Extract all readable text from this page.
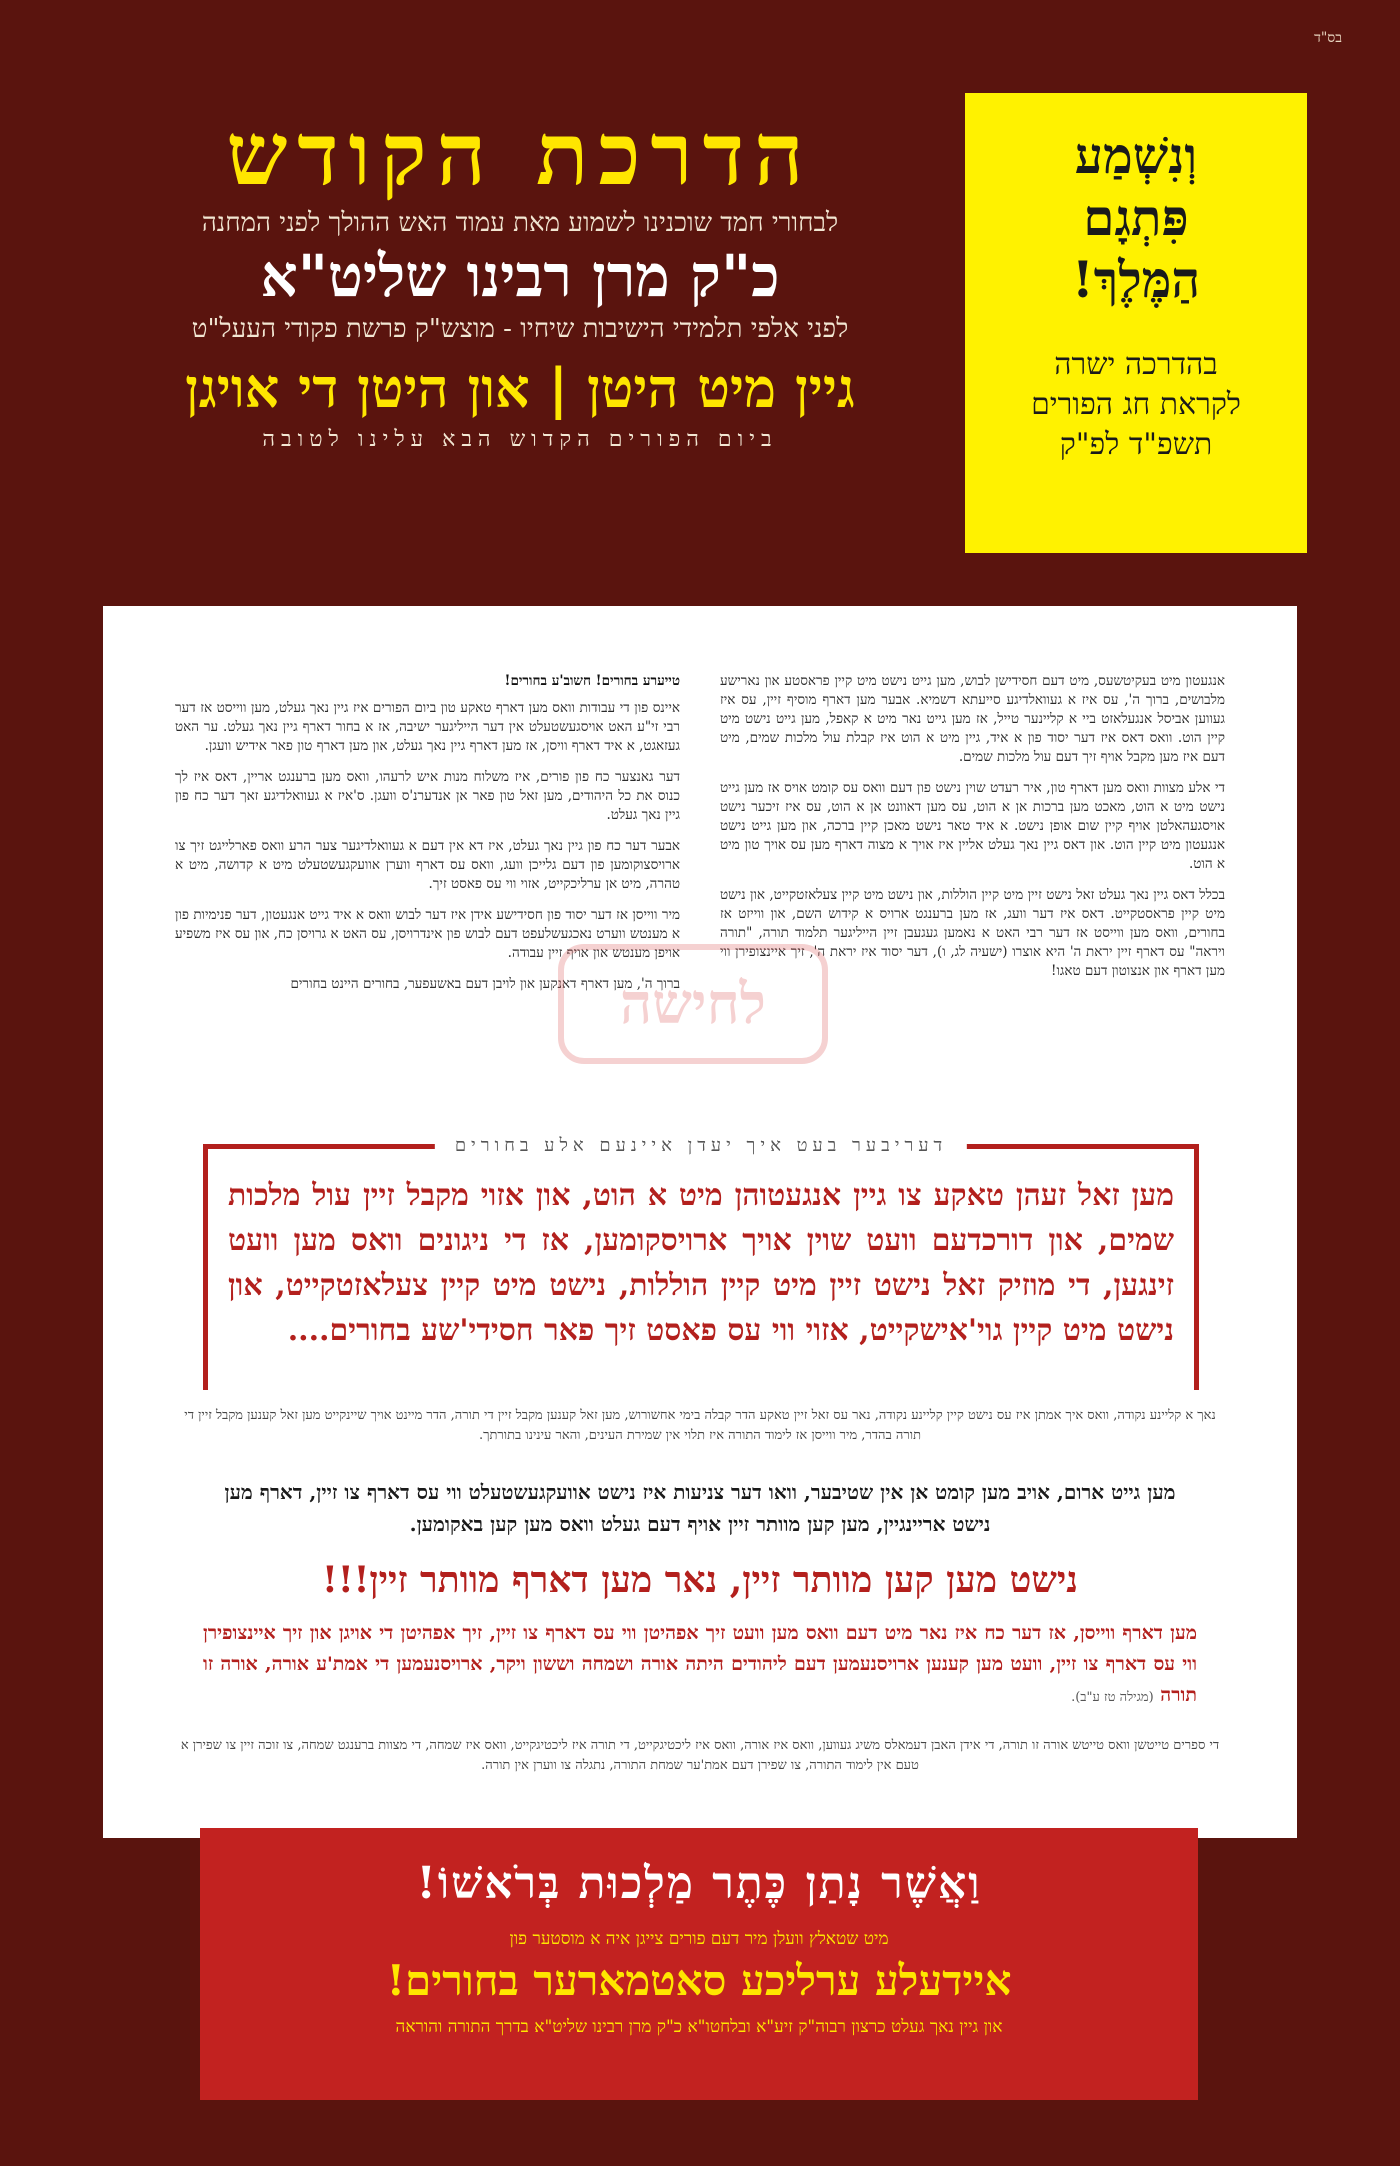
בס"ד
וְנִשְׁמַע
פִּתְגָם
הַמֶּלֶךְ!
בהדרכה ישרה
לקראת חג הפורים
תשפ"ד לפ"ק
הדרכת הקודש
לבחורי חמד שוכנינו לשמוע מאת עמוד האש ההולך לפני המחנה
כ"ק מרן רבינו שליט"א
לפני אלפי תלמידי הישיבות שיחיו - מוצש"ק פרשת פקודי העעל"ט
גיין מיט היטן | און היטן די אויגן
ביום הפורים הקדוש הבא עלינו לטובה
טייערע בחורים! חשוב'ע בחורים!

איינס פון די עבודות וואס מען דארף טאקע טון ביום הפורים איז גיין נאך געלט, מען ווייסט אז דער רבי זי"ע האט אויסגעשטעלט אין דער הייליגער ישיבה, אז א בחור דארף גיין נאך געלט. ער האט געזאגט, א איד דארף וויסן, אז מען דארף גיין נאך געלט, און מען דארף טון פאר אידיש וועגן.

דער גאנצער כח פון פורים, איז משלוח מנות איש לרעהו, וואס מען ברענגט אריין, דאס איז לך כנוס את כל היהודים, מען זאל טון פאר אן אנדערנ'ס וועגן. ס'איז א געוואלדיגע זאך דער כח פון גיין נאך געלט.

אבער דער כח פון גיין נאך געלט, איז דא אין דעם א געוואלדיגער צער הרע וואס פארלייגט זיך צו ארויסצוקומען פון דעם גלייכן וועג, וואס עס דארף ווערן אוועקגעשטעלט מיט א קדושה, מיט א טהרה, מיט אן ערליכקייט, אזוי ווי עס פאסט זיך.

מיר ווייסן אז דער יסוד פון חסידישע אידן איז דער לבוש וואס א איד גייט אנגעטון, דער פנימיות פון א מענטש ווערט נאכגעשלעפט דעם לבוש פון אינדרויסן, עס האט א גרויסן כח, און עס איז משפיע אויפן מענטש און אויף זיין עבודה.

ברוך ה', מען דארף דאנקען און לויבן דעם באשעפער, בחורים היינט בחורים

אנגעטון מיט בעקיטשעס, מיט דעם חסידישן לבוש, מען גייט נישט מיט קיין פראסטע און נארישע מלבושים, ברוך ה', עס איז א געוואלדיגע סייעתא דשמיא. אבער מען דארף מוסיף זיין, עס איז געווען אביסל אנגעלאזט ביי א קליינער טייל, אז מען גייט נאר מיט א קאפל, מען גייט נישט מיט קיין הוט. וואס דאס איז דער יסוד פון א איד, גיין מיט א הוט איז קבלת עול מלכות שמים, מיט דעם איז מען מקבל אויף זיך דעם עול מלכות שמים.

די אלע מצוות וואס מען דארף טון, איר רעדט שוין נישט פון דעם וואס עס קומט אויס אז מען גייט נישט מיט א הוט, מאכט מען ברכות אן א הוט, עס מען דאוונט אן א הוט, עס איז זיכער נישט אויסגעהאלטן אויף קיין שום אופן נישט. א איד טאר נישט מאכן קיין ברכה, און מען גייט נישט אנגעטון מיט קיין הוט. און דאס גיין נאך געלט אליין איז אויך א מצוה דארף מען עס אויך טון מיט א הוט.

בכלל דאס גיין נאך געלט זאל נישט זיין מיט קיין הוללות, און נישט מיט קיין צעלאזטקייט, און נישט מיט קיין פראסטקייט. דאס איז דער וועג, אז מען ברענגט ארויס א קידוש השם, און ווייזט אז בחורים, וואס מען ווייסט אז דער רבי האט א נאמען געגעבן זיין הייליגער תלמוד תורה, "תורה ויראה" עס דארף זיין יראת ה' היא אוצרו (ישעיה לג, ו), דער יסוד איז יראת ה', זיך איינצופירן ווי מען דארף און אנצוטון דעם טאגו!

דעריבער בעט איך יעדן איינעם אלע בחורים
מען זאל זעהן טאקע צו גיין אנגעטוהן מיט א הוט, און אזוי מקבל זיין עול מלכות שמים, און דורכדעם וועט שוין אויך ארויסקומען, אז די ניגונים וואס מען וועט זינגען, די מוזיק זאל נישט זיין מיט קיין הוללות, נישט מיט קיין צעלאזטקייט, און נישט מיט קיין גוי'אישקייט, אזוי ווי עס פאסט זיך פאר חסידי'שע בחורים....
נאך א קליינע נקודה, וואס איך אמתן איז עס נישט קיין קליינע נקודה, נאר עס זאל זיין טאקע הדר קבלה בימי אחשורוש, מען זאל קענען מקבל זיין די תורה, הדר מיינט אויך שיינקייט מען זאל קענען מקבל זיין די תורה בהדר, מיר ווייסן אז לימוד התורה איז תלוי אין שמירת העינים, והאר עינינו בתורתך.
מען גייט ארום, אויב מען קומט אן אין שטיבער, וואו דער צניעות איז נישט אוועקגעשטעלט ווי עס דארף צו זיין, דארף מען נישט אריינגיין, מען קען מוותר זיין אויף דעם געלט וואס מען קען באקומען.
נישט מען קען מוותר זיין, נאר מען דארף מוותר זיין!!!
מען דארף ווייסן, אז דער כח איז נאר מיט דעם וואס מען וועט זיך אפהיטן ווי עס דארף צו זיין, זיך אפהיטן די אויגן און זיך איינצופירן ווי עס דארף צו זיין, וועט מען קענען ארויסנעמען דעם ליהודים היתה אורה ושמחה וששון ויקר, ארויסנעמען די אמת'ע אורה, אורה זו תורה (מגילה טז ע"ב).
די ספרים טייטשן וואס טייטש אורה זו תורה, די אידן האבן דעמאלס משיג געווען, וואס איז אורה, וואס איז ליכטיגקייט, די תורה איז ליכטיגקייט, וואס איז שמחה, די מצוות ברענגט שמחה, צו זוכה זיין צו שפירן א טעם אין לימוד התורה, צו שפירן דעם אמת'ער שמחת התורה, נתגלה צו ווערן אין תורה.
לחישה
וַאֲשֶׁר נָתַן כֶּתֶר מַלְכוּת בְּרֹאשׁוֹ!
מיט שטאלץ וועלן מיר דעם פורים צייגן איה א מוסטער פון
איידעלע ערליכע סאטמארער בחורים!
און גיין נאך געלט כרצון רבוה"ק זיע"א ובלחטו"א כ"ק מרן רבינו שליט"א בדרך התורה והוראה
